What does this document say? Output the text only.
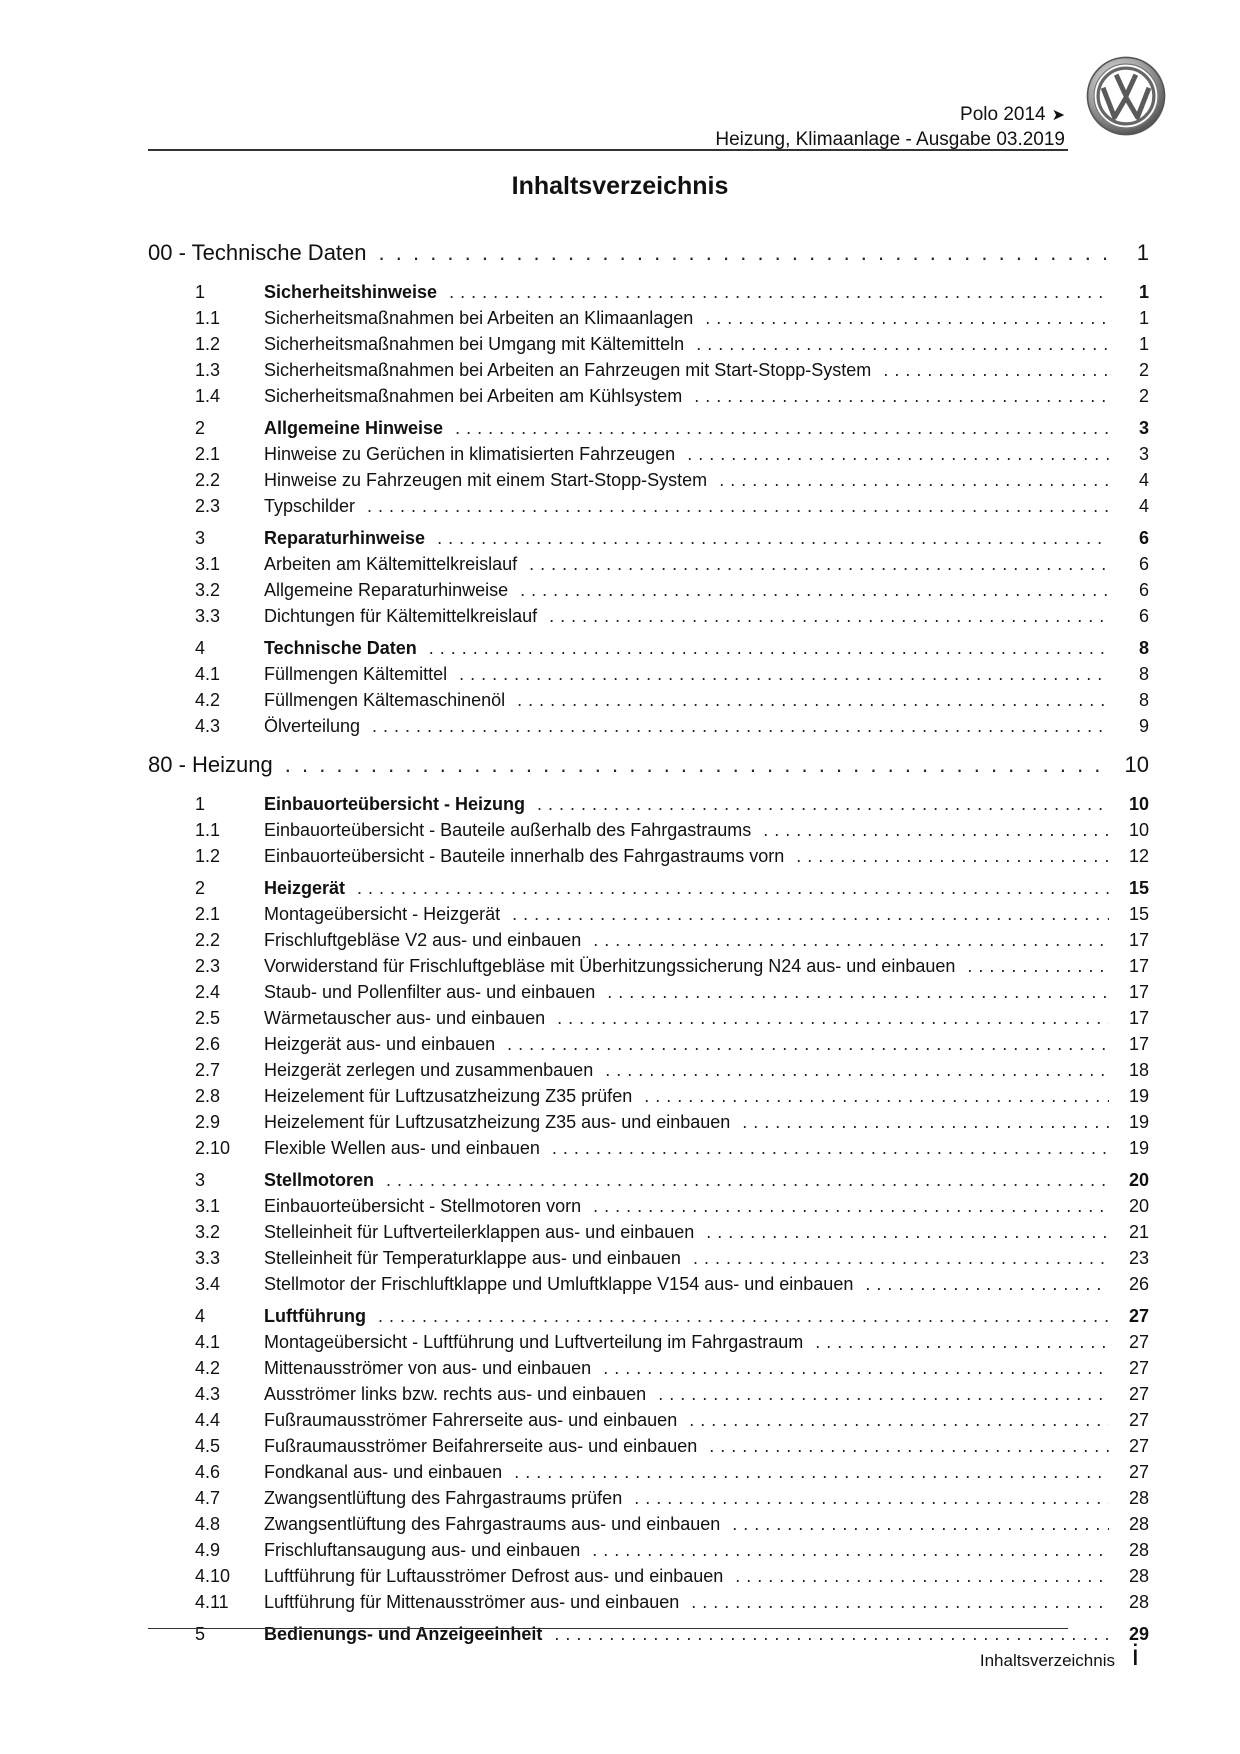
Polo 2014 ➤
Heizung, Klimaanlage - Ausgabe 03.2019
Inhaltsverzeichnis
00 - Technische Daten . . .	1
1	Sicherheitshinweise . . .	1
1.1	Sicherheitsmaßnahmen bei Arbeiten an Klimaanlagen . . .	1
1.2	Sicherheitsmaßnahmen bei Umgang mit Kältemitteln . . .	1
1.3	Sicherheitsmaßnahmen bei Arbeiten an Fahrzeugen mit Start-Stopp-System . . .	2
1.4	Sicherheitsmaßnahmen bei Arbeiten am Kühlsystem . . .	2
2	Allgemeine Hinweise . . .	3
2.1	Hinweise zu Gerüchen in klimatisierten Fahrzeugen . . .	3
2.2	Hinweise zu Fahrzeugen mit einem Start-Stopp-System . . .	4
2.3	Typschilder . . .	4
3	Reparaturhinweise . . .	6
3.1	Arbeiten am Kältemittelkreislauf . . .	6
3.2	Allgemeine Reparaturhinweise . . .	6
3.3	Dichtungen für Kältemittelkreislauf . . .	6
4	Technische Daten . . .	8
4.1	Füllmengen Kältemittel . . .	8
4.2	Füllmengen Kältemaschinenöl . . .	8
4.3	Ölverteilung . . .	9
80 - Heizung . . .	10
1	Einbauorteübersicht - Heizung . . .	10
1.1	Einbauorteübersicht - Bauteile außerhalb des Fahrgastraums . . .	10
1.2	Einbauorteübersicht - Bauteile innerhalb des Fahrgastraums vorn . . .	12
2	Heizgerät . . .	15
2.1	Montageübersicht - Heizgerät . . .	15
2.2	Frischluftgebläse V2 aus- und einbauen . . .	17
2.3	Vorwiderstand für Frischluftgebläse mit Überhitzungssicherung N24 aus- und einbauen . . .	17
2.4	Staub- und Pollenfilter aus- und einbauen . . .	17
2.5	Wärmetauscher aus- und einbauen . . .	17
2.6	Heizgerät aus- und einbauen . . .	17
2.7	Heizgerät zerlegen und zusammenbauen . . .	18
2.8	Heizelement für Luftzusatzheizung Z35 prüfen . . .	19
2.9	Heizelement für Luftzusatzheizung Z35 aus- und einbauen . . .	19
2.10	Flexible Wellen aus- und einbauen . . .	19
3	Stellmotoren . . .	20
3.1	Einbauorteübersicht - Stellmotoren vorn . . .	20
3.2	Stelleinheit für Luftverteilerklappen aus- und einbauen . . .	21
3.3	Stelleinheit für Temperaturklappe aus- und einbauen . . .	23
3.4	Stellmotor der Frischluftklappe und Umluftklappe V154 aus- und einbauen . . .	26
4	Luftführung . . .	27
4.1	Montageübersicht - Luftführung und Luftverteilung im Fahrgastraum . . .	27
4.2	Mittenausströmer von aus- und einbauen . . .	27
4.3	Ausströmer links bzw. rechts aus- und einbauen . . .	27
4.4	Fußraumausströmer Fahrerseite aus- und einbauen . . .	27
4.5	Fußraumausströmer Beifahrerseite aus- und einbauen . . .	27
4.6	Fondkanal aus- und einbauen . . .	27
4.7	Zwangsentlüftung des Fahrgastraums prüfen . . .	28
4.8	Zwangsentlüftung des Fahrgastraums aus- und einbauen . . .	28
4.9	Frischluftansaugung aus- und einbauen . . .	28
4.10	Luftführung für Luftausströmer Defrost aus- und einbauen . . .	28
4.11	Luftführung für Mittenausströmer aus- und einbauen . . .	28
5	Bedienungs- und Anzeigeeinheit . . .	29
Inhaltsverzeichnis i
